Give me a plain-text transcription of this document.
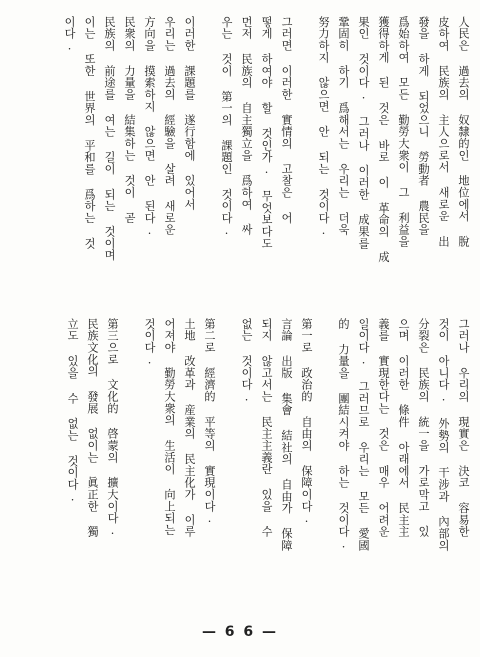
人民은 過去의 奴隸的인 地位에서 脫
皮하여 民族의 主人으로서 새로운 出
發을 하게 되었으니 勞動者 農民을
爲始하여 모든 勤勞大衆이 그 利益을
獲得하게 된 것은 바로 이 革命의 成
果인 것이다. 그러나 이러한 成果를
鞏固히 하기 爲해서는 우리는 더욱
努力하지 않으면 안 되는 것이다.
그러면 이러한 實情의 고찰은 어
떻게 하여야 할 것인가. 무엇보다도
먼저 民族의 自主獨立을 爲하여 싸
우는 것이 第一의 課題인 것이다.
이러한 課題를 遂行함에 있어서
우리는 過去의 經驗을 살려 새로운
方向을 摸索하지 않으면 안 된다.
民衆의 力量을 結集하는 것이 곧
民族의 前途를 여는 길이 되는 것이며
이는 또한 世界의 平和를 爲하는 것
이다.
그러나 우리의 現實은 決코 容易한
것이 아니다. 外勢의 干涉과 內部의
分裂은 民族의 統一을 가로막고 있
으며 이러한 條件 아래에서 民主主
義를 實現한다는 것은 매우 어려운
일이다. 그러므로 우리는 모든 愛國
的 力量을 團結시켜야 하는 것이다.
第一로 政治的 自由의 保障이다.
言論 出版 集會 結社의 自由가 保障
되지 않고서는 民主主義란 있을 수
없는 것이다.
第二로 經濟的 平等의 實現이다.
土地 改革과 産業의 民主化가 이루
어져야 勤勞大衆의 生活이 向上되는
것이다.
第三으로 文化的 啓蒙의 擴大이다.
民族文化의 發展 없이는 眞正한 獨
立도 있을 수 없는 것이다.
— 6 6 —
